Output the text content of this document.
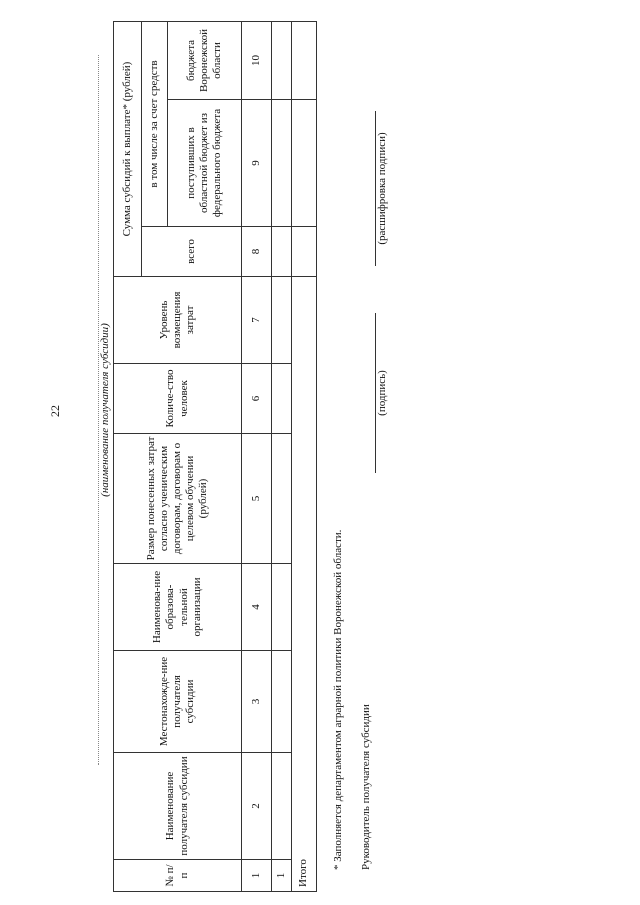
22	(наименование получателя субсидии)
№ п/п	Наименование получателя субсидии	Местонахожде-ние получателя субсидии	Наименова-ние образова-тельной организации	Размер понесенных затрат согласно ученическим договорам, договорам о целевом обучении (рублей)	Количе-ство человек	Уровень возмещения затрат	Сумма субсидий к выплате* (рублей)		
							всего	в том числе за счет средств	
								поступивших в областной бюджет из федерального бюджета	бюджета Воронежской области
1	2	3	4	5	6	7	8	9	10
1									
Итого									
* Заполняется департаментом аграрной политики Воронежской области. Руководитель получателя субсидии
(подпись)
(расшифровка подписи)
